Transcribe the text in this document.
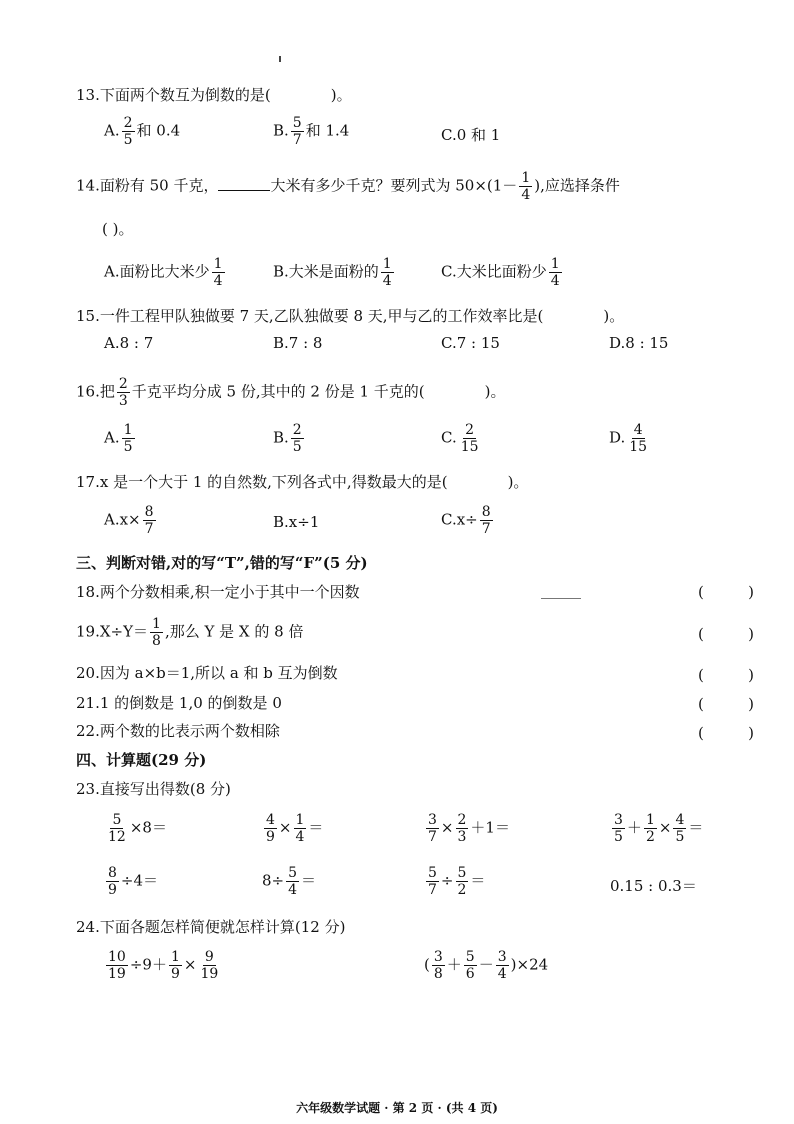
13.下面两个数互为倒数的是(	)。
A. $\frac{2}{5}$ 和 0.4	B. $\frac{5}{7}$ 和 1.4	C.0 和 1
14.面粉有 50 千克，	大米有多少千克？要列式为 $50\times(1- \frac{1}{4}$ ),应选择条件
( )。
A.面粉比大米少 $\frac{1}{4}$	B.大米是面粉的 $\frac{1}{4}$	C.大米比面粉少 $\frac{1}{4}$
15.一件工程甲队独做要 7 天,乙队独做要 8 天,甲与乙的工作效率比是(	)。
A.8 : 7	B.7 : 8	C.7 : 15	D.8 : 15
16.把 $\frac{2}{3}$ 千克平均分成 5 份,其中的 2 份是 1 千克的(	)。
A. $\frac{1}{5}$	B. $\frac{2}{5}$	C. $\frac{2}{15}$	D. $\frac{4}{15}$
17.x 是一个大于 1 的自然数,下列各式中,得数最大的是(	)。
$A.x\times \frac{8}{7}$	B.x÷1	$C.x\div \frac{8}{7}$
三、判断对错,对的写“T”,错的写“F”(5 分)
18.两个分数相乘,积一定小于其中一个因数	(	)
$19.X\div Y= \frac{1}{8}$ ,那么 Y 是 X 的 8 倍	(	)
20.因为 a×b＝1,所以 a 和 b 互为倒数	(	)
21.1 的倒数是 1,0 的倒数是 0	(	)
22.两个数的比表示两个数相除	(	)
四、计算题(29 分)
23.直接写出得数(8 分)
$\frac{5}{12} \times 8=$	$\frac{4}{9} \times \frac{1}{4}$ ＝	$\frac{3}{7} \times \frac{2}{3} +1=$	$\frac{3}{5} + \frac{1}{2} \times \frac{4}{5}$ ＝
$\frac{8}{9} \div 4=$	$8\div \frac{5}{4}$ ＝	$\frac{5}{7} \div \frac{5}{2}$ ＝	0.15 : 0.3＝
24.下面各题怎样简便就怎样计算(12 分)
$\frac{10}{19} \div 9+ \frac{1}{9} \times \frac{9}{19}$	( $\frac{3}{8} + \frac{5}{6} - \frac{3}{4} )\times 24$
六年级数学试题 · 第 2 页 · (共 4 页)
